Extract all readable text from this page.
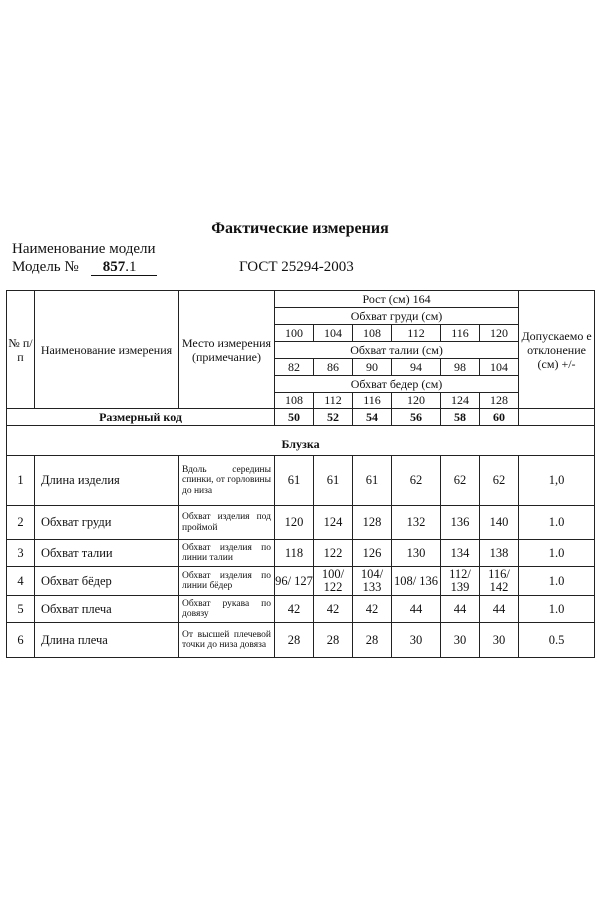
Фактические измерения
Наименование модели
Модель № 857.1	ГОСТ 25294-2003
№ п/ п	Наименование измерения	Место измерения (примечание)	Рост (см) 164						Допускаемо е отклонение (см) +/-
			Обхват груди (см)						
			100	104	108	112	116	120	
			Обхват талии (см)						
			82	86	90	94	98	104	
			Обхват бедер (см)						
			108	112	116	120	124	128	
Размерный код			50	52	54	56	58	60	
Блузка									
1	Длина изделия	Вдоль середины спинки, от горловины до низа	61	61	61	62	62	62	1,0
2	Обхват груди	Обхват изделия под проймой	120	124	128	132	136	140	1.0
3	Обхват талии	Обхват изделия по линии талии	118	122	126	130	134	138	1.0
4	Обхват бёдер	Обхват изделия по линии бёдер	96/ 127	100/ 122	104/ 133	108/ 136	112/ 139	116/ 142	1.0
5	Обхват плеча	Обхват рукава по довязу	42	42	42	44	44	44	1.0
6	Длина плеча	От высшей плечевой точки до низа довяза	28	28	28	30	30	30	0.5
